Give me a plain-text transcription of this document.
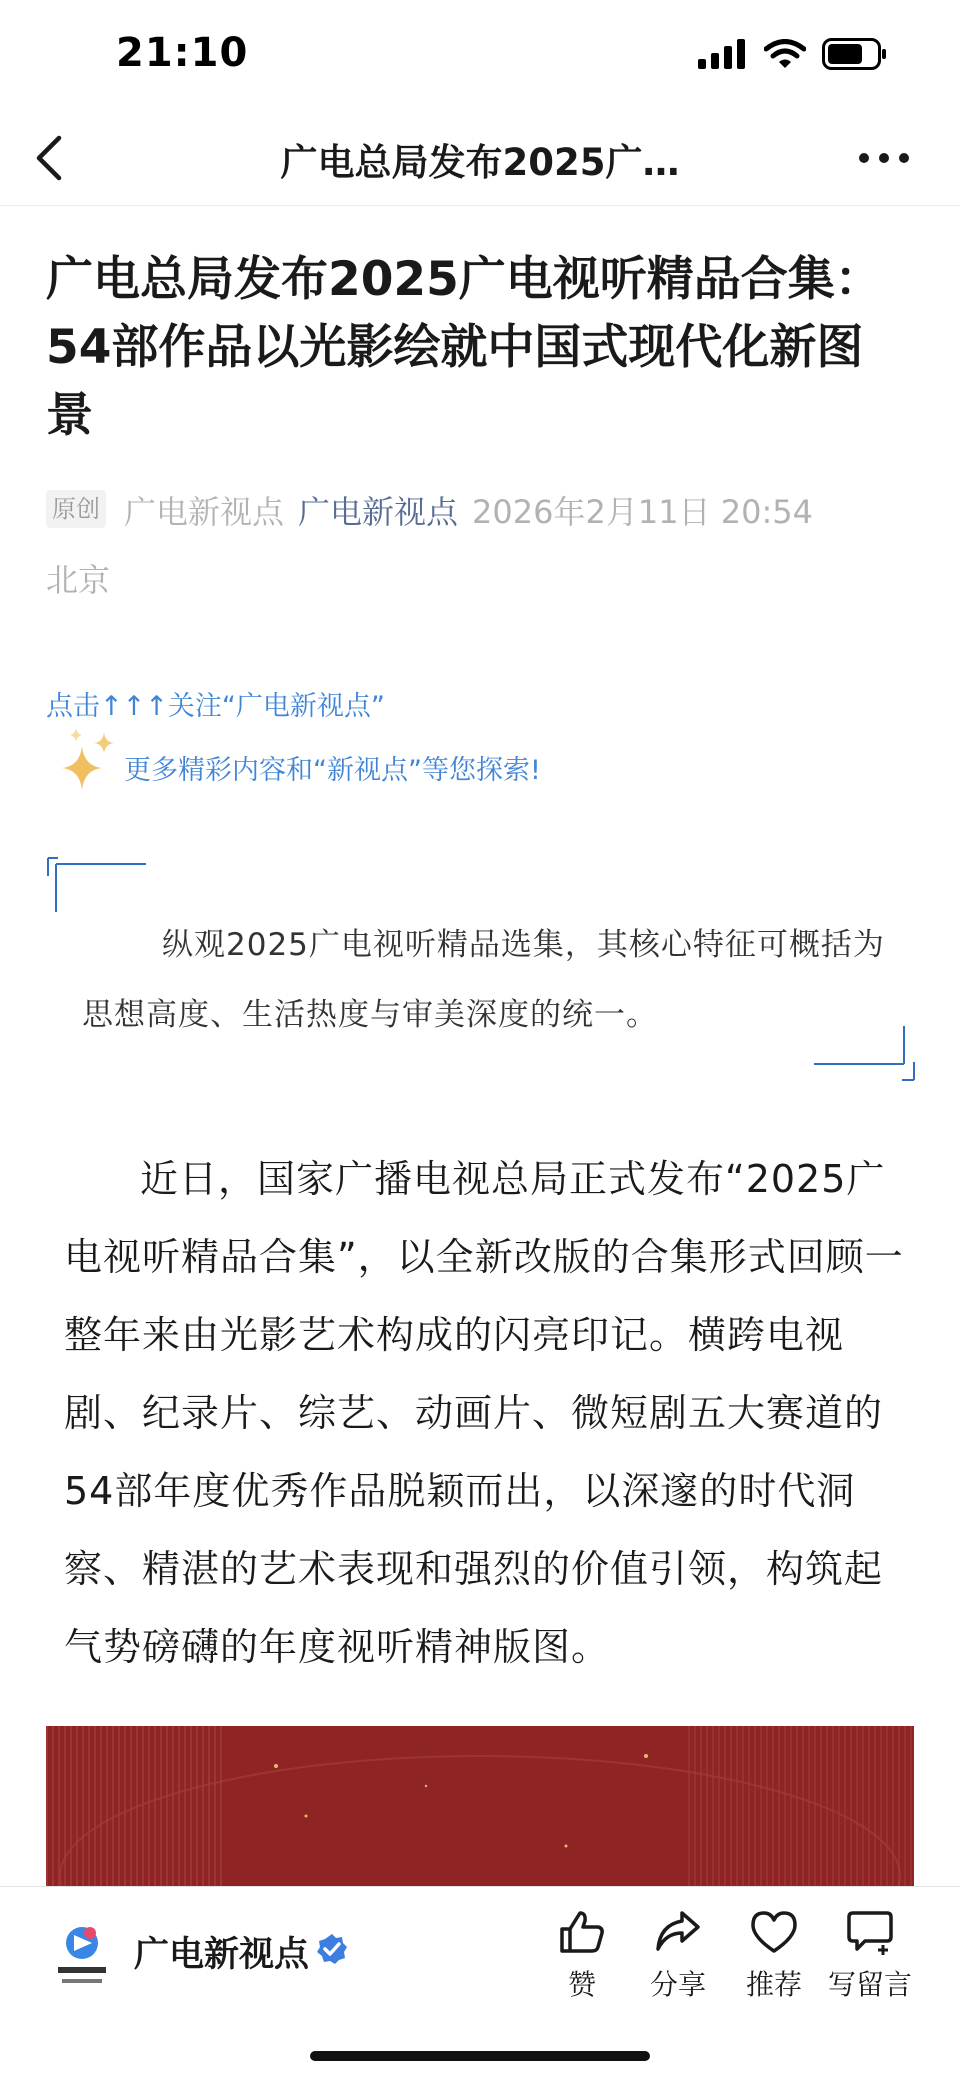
21:10
广电总局发布2025广…
广电总局发布2025广电视听精品合集：54部作品以光影绘就中国式现代化新图景
原创 广电新视点 广电新视点 2026年2月11日 20:54
北京
点击↑↑↑关注“广电新视点”
更多精彩内容和“新视点”等您探索!
纵观2025广电视听精品选集，其核心特征可概括为思想高度、生活热度与审美深度的统一。

近日，国家广播电视总局正式发布“2025广电视听精品合集”，以全新改版的合集形式回顾一整年来由光影艺术构成的闪亮印记。横跨电视剧、纪录片、综艺、动画片、微短剧五大赛道的54部年度优秀作品脱颖而出，以深邃的时代洞察、精湛的艺术表现和强烈的价值引领，构筑起气势磅礴的年度视听精神版图。

广电新视点
赞	分享	推荐 写留言
